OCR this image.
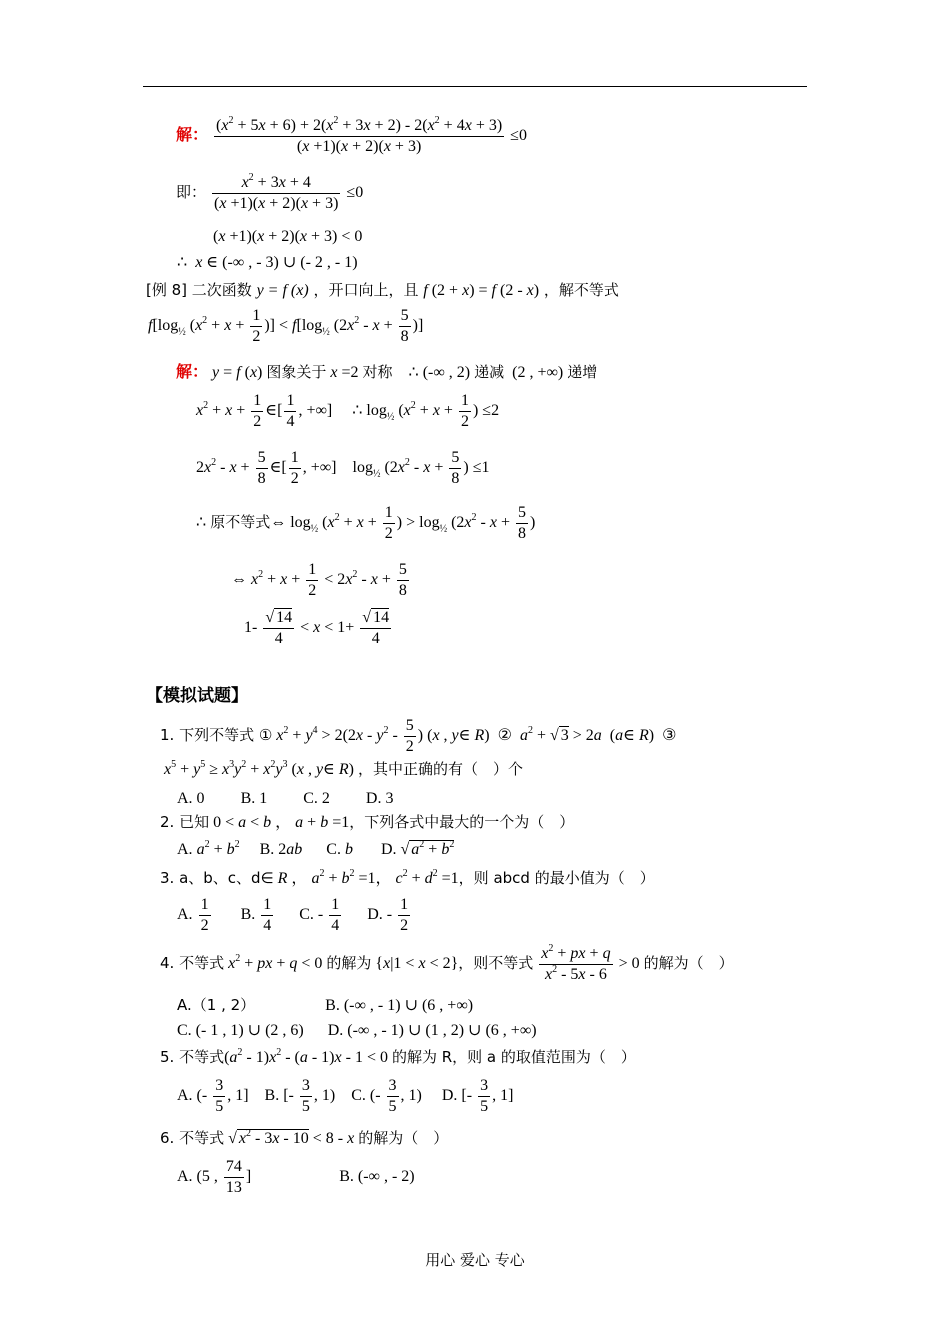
解： $\frac{(x^2 + 5x + 6) + 2(x^2 + 3x + 2) - 2(x^2 + 4x + 3)}{(x +1)(x + 2)(x + 3)} \le 0$
即： $\frac{x^2 + 3x + 4}{(x +1)(x + 2)(x + 3)} \le 0$
(x +1)(x + 2)(x + 3) < 0
∴ x ∈ (-∞ , - 3) ∪ (- 2 , - 1)
[例 8] 二次函数 y = f (x) ，开口向上，且 f (2 + x) = f (2 - x) ，解不等式
$f[\log_{\frac{1}{2}}$ ($x^2 + x + \frac{1}{2}$ )] < $f[\log_{\frac{1}{2}}$ ($2x^2 - x + \frac{5}{8}$ )]
解： y = f (x) 图象关于 x =2 对称    ∴ (-∞ , 2) 递减  (2 , +∞) 递增
$x^2 + x + \frac{1}{2}$ ∈[ $\frac{1}{4}$ , +∞]     ∴ $\log_{\frac{1}{2}} (x^2 + x + \frac{1}{2}$ ) ≤2
$2x^2 - x + \frac{5}{8}$ ∈[ $\frac{1}{2}$ , +∞]    $\log_{\frac{1}{2}} (2x^2 - x + \frac{5}{8}$ ) ≤1
∴ 原不等式⇔ $\log_{\frac{1}{2}} (x^2 + x + \frac{1}{2}$ ) > $\log_{\frac{1}{2}} (2x^2 - x + \frac{5}{8}$ )
⇔ $x^2 + x + \frac{1}{2} < 2x^2 - x + \frac{5}{8}$
$1- \frac{√ 14}{4} < x < 1+ \frac{√ 14}{4}$
【模拟试题】
1. 下列不等式 ① $x^2 + y^4 > 2(2x - y^2 - \frac{5}{2}$ ) (x , y∈ R)  ②  $a^2$ + √ 3 > 2a  (a∈ R)  ③
$x^5 + y^5 \ge x^3y^2 + x^2y^3$ (x , y∈ R) ，其中正确的有（　）个
A. 0 B. 1 C. 2 D. 3
2. 已知 0 < a < b ， a + b =1，下列各式中最大的一个为（　）
A. $a^2 + b^2$     B. 2ab      C. b       D. √ $a^2 + b^2$
3. a、b、c、d∈ R ， $a^2 + b^2 =1$， $c^2 + d^2 =1$，则 abcd 的最小值为（　）
A. $\frac{1}{2} B$. $\frac{1}{4} C$. - $\frac{1}{4} D$. - $\frac{1}{2}$
4. 不等式 $x^2$ + px + q < 0 的解为 {x|1 < x < 2}，则不等式 $\frac{x^2 + px + q}{x^2 - 5x - 6} > 0$ 的解为（　）
A.（1 , 2）	B. (-∞ , - 1) ∪ (6 , +∞)
C. (- 1 , 1) ∪ (2 , 6)      D. (-∞ , - 1) ∪ (1 , 2) ∪ (6 , +∞)
5. 不等式$(a^2 - 1)x^2 - (a - 1)x - 1 < 0$ 的解为 R，则 a 的取值范围为（　）
A. (- $\frac{3}{5}$ , 1]    B. [- $\frac{3}{5}$ , 1)    C. (- $\frac{3}{5}$ , 1)     D. [- $\frac{3}{5}$ , 1]
6. 不等式 √ $x^2 - 3x - 10 < 8 - x$ 的解为（　）
A. (5 , $\frac{74}{13}$ ]	B. (-∞ , - 2)
用心 爱心 专心
